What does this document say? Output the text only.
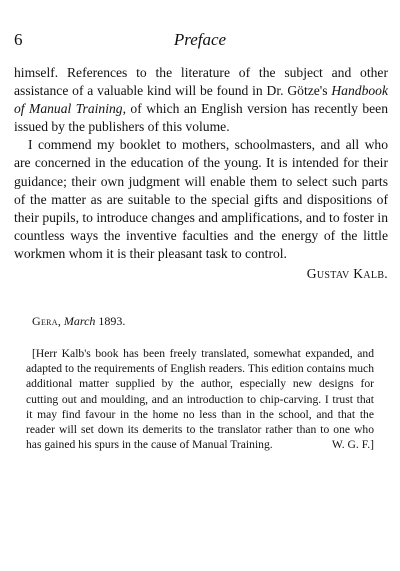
6	Preface

himself. References to the literature of the subject and other assistance of a valuable kind will be found in Dr. Götze's Handbook of Manual Training, of which an English version has recently been issued by the publishers of this volume.

I commend my booklet to mothers, schoolmasters, and all who are concerned in the education of the young. It is intended for their guidance; their own judgment will enable them to select such parts of the matter as are suitable to the special gifts and dispositions of their pupils, to introduce changes and amplifications, and to foster in countless ways the inventive faculties and the energy of the little workmen whom it is their pleasant task to control.

Gustav Kalb.
Gera, March 1893.
[Herr Kalb's book has been freely translated, somewhat expanded, and adapted to the requirements of English readers. This edition contains much additional matter supplied by the author, especially new designs for cutting out and moulding, and an introduction to chip-carving. I trust that it may find favour in the home no less than in the school, and that the reader will set down its demerits to the translator rather than to one who has gained his spurs in the cause of Manual Training.	W. G. F.]
